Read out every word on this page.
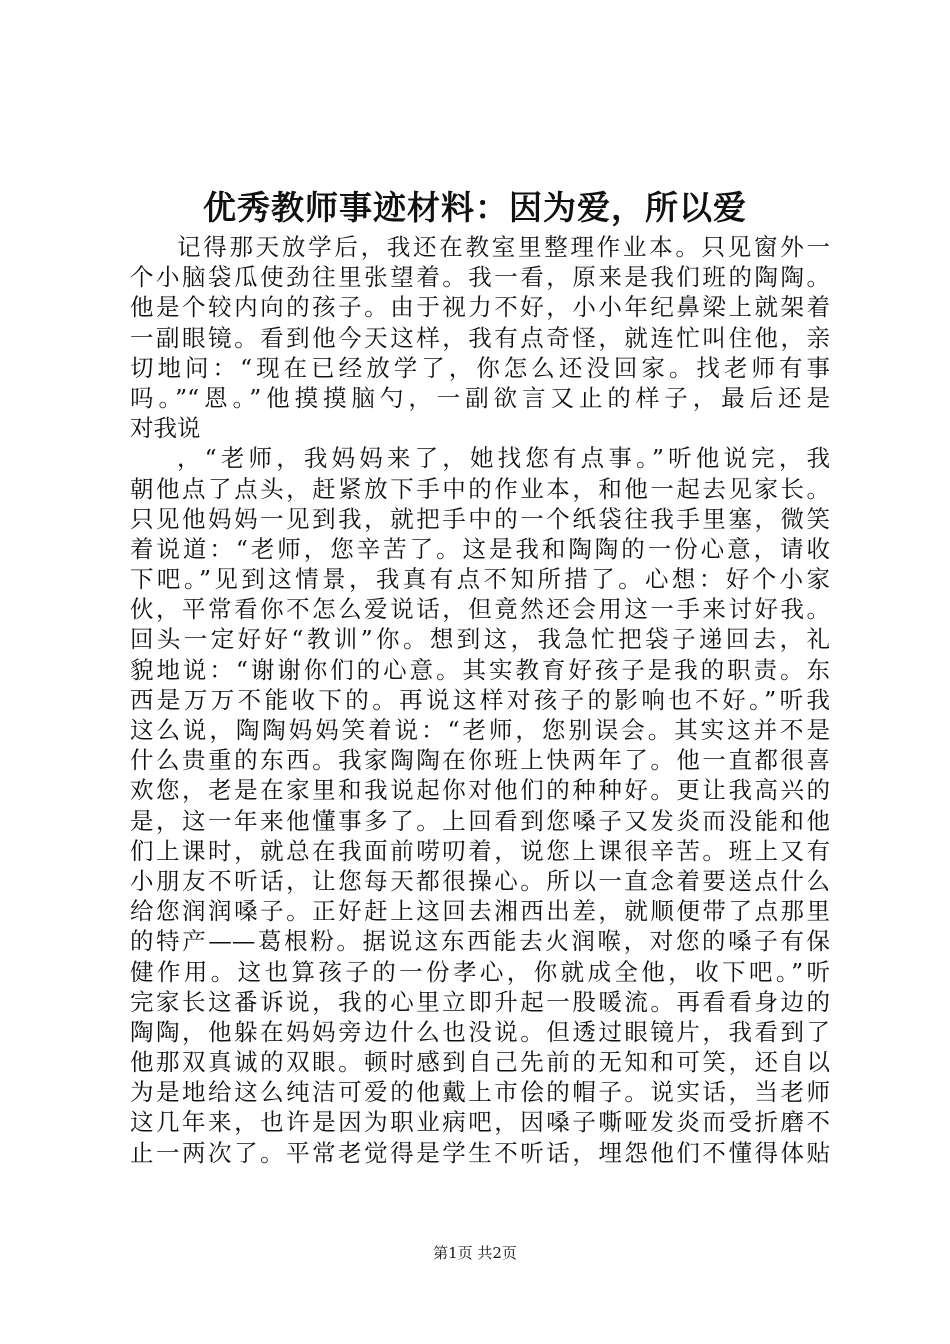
优秀教师事迹材料：因为爱，所以爱
记得那天放学后，我还在教室里整理作业本。只见窗外一
个小脑袋瓜使劲往里张望着。我一看，原来是我们班的陶陶。
他是个较内向的孩子。由于视力不好，小小年纪鼻梁上就架着
一副眼镜。看到他今天这样，我有点奇怪，就连忙叫住他，亲
切地问：“现在已经放学了，你怎么还没回家。找老师有事
吗。”“恩。”他摸摸脑勺，一副欲言又止的样子，最后还是
对我说
，“老师，我妈妈来了，她找您有点事。”听他说完，我
朝他点了点头，赶紧放下手中的作业本，和他一起去见家长。
只见他妈妈一见到我，就把手中的一个纸袋往我手里塞，微笑
着说道：“老师，您辛苦了。这是我和陶陶的一份心意，请收
下吧。”见到这情景，我真有点不知所措了。心想：好个小家
伙，平常看你不怎么爱说话，但竟然还会用这一手来讨好我。
回头一定好好“教训”你。想到这，我急忙把袋子递回去，礼
貌地说：“谢谢你们的心意。其实教育好孩子是我的职责。东
西是万万不能收下的。再说这样对孩子的影响也不好。”听我
这么说，陶陶妈妈笑着说：“老师，您别误会。其实这并不是
什么贵重的东西。我家陶陶在你班上快两年了。他一直都很喜
欢您，老是在家里和我说起你对他们的种种好。更让我高兴的
是，这一年来他懂事多了。上回看到您嗓子又发炎而没能和他
们上课时，就总在我面前唠叨着，说您上课很辛苦。班上又有
小朋友不听话，让您每天都很操心。所以一直念着要送点什么
给您润润嗓子。正好赶上这回去湘西出差，就顺便带了点那里
的特产——葛根粉。据说这东西能去火润喉，对您的嗓子有保
健作用。这也算孩子的一份孝心，你就成全他，收下吧。”听
完家长这番诉说，我的心里立即升起一股暖流。再看看身边的
陶陶，他躲在妈妈旁边什么也没说。但透过眼镜片，我看到了
他那双真诚的双眼。顿时感到自己先前的无知和可笑，还自以
为是地给这么纯洁可爱的他戴上市侩的帽子。说实话，当老师
这几年来，也许是因为职业病吧，因嗓子嘶哑发炎而受折磨不
止一两次了。平常老觉得是学生不听话，埋怨他们不懂得体贴
第1页 共2页
